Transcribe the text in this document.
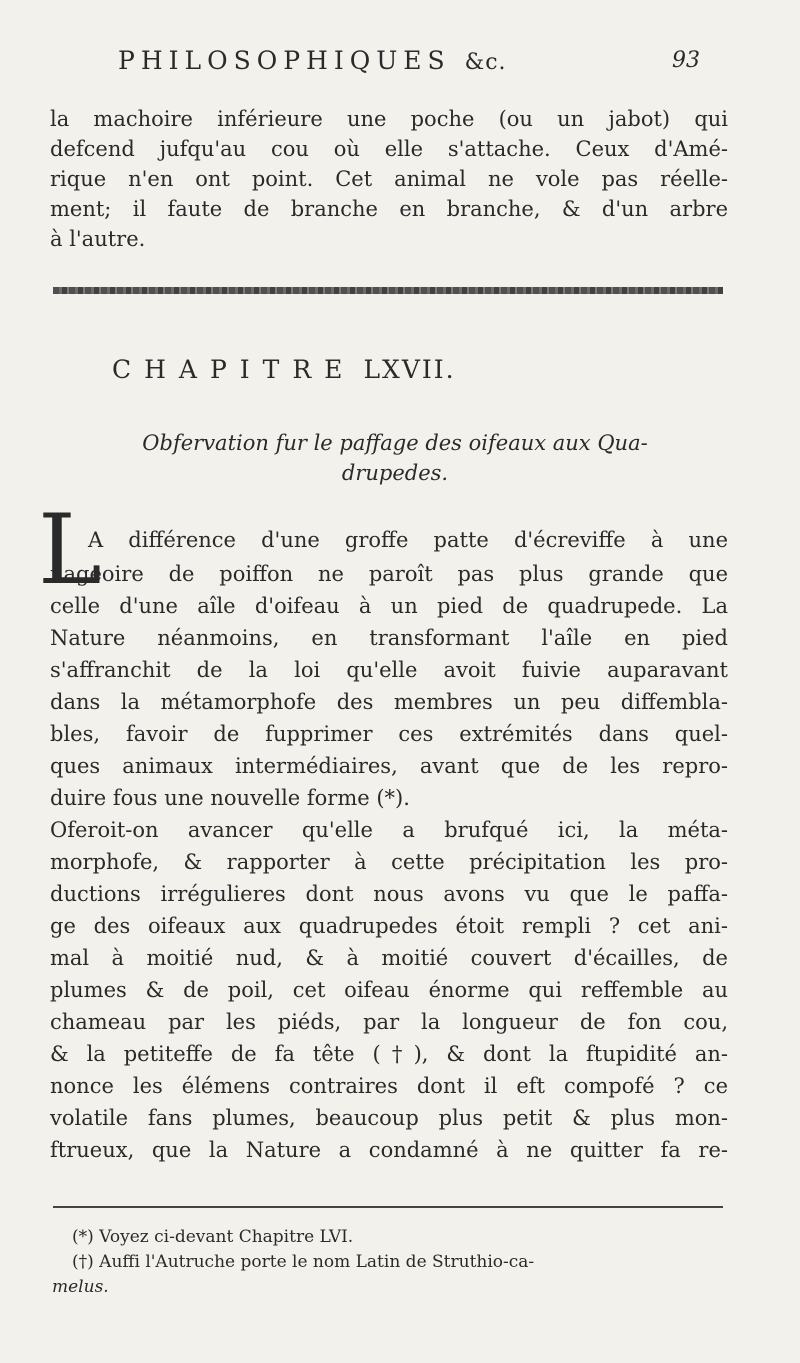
PHILOSOPHIQUES &c.	93
la machoire inférieure une poche (ou un jabot) qui
defcend jufqu'au cou où elle s'attache. Ceux d'Amé-
rique n'en ont point. Cet animal ne vole pas réelle-
ment; il faute de branche en branche, & d'un arbre
à l'autre.
CHAPITRE LXVII.
Obfervation fur le paffage des oifeaux aux Qua-
drupedes.
L
A différence d'une groffe patte d'écreviffe à une
nageoire de poiffon ne paroît pas plus grande que
celle d'une aîle d'oifeau à un pied de quadrupede. La
Nature néanmoins, en transformant l'aîle en pied
s'affranchit de la loi qu'elle avoit fuivie auparavant
dans la métamorphofe des membres un peu diffembla-
bles, favoir de fupprimer ces extrémités dans quel-
ques animaux intermédiaires, avant que de les repro-
duire fous une nouvelle forme (*).
Oferoit-on avancer qu'elle a brufqué ici, la méta-
morphofe, & rapporter à cette précipitation les pro-
ductions irrégulieres dont nous avons vu que le paffa-
ge des oifeaux aux quadrupedes étoit rempli ? cet ani-
mal à moitié nud, & à moitié couvert d'écailles, de
plumes & de poil, cet oifeau énorme qui reffemble au
chameau par les piéds, par la longueur de fon cou,
& la petiteffe de fa tête (†), & dont la ftupidité an-
nonce les élémens contraires dont il eft compofé ? ce
volatile fans plumes, beaucoup plus petit & plus mon-
ftrueux, que la Nature a condamné à ne quitter fa re-
(*) Voyez ci-devant Chapitre LVI.
(†) Auffi l'Autruche porte le nom Latin de Struthio-ca-
melus.
